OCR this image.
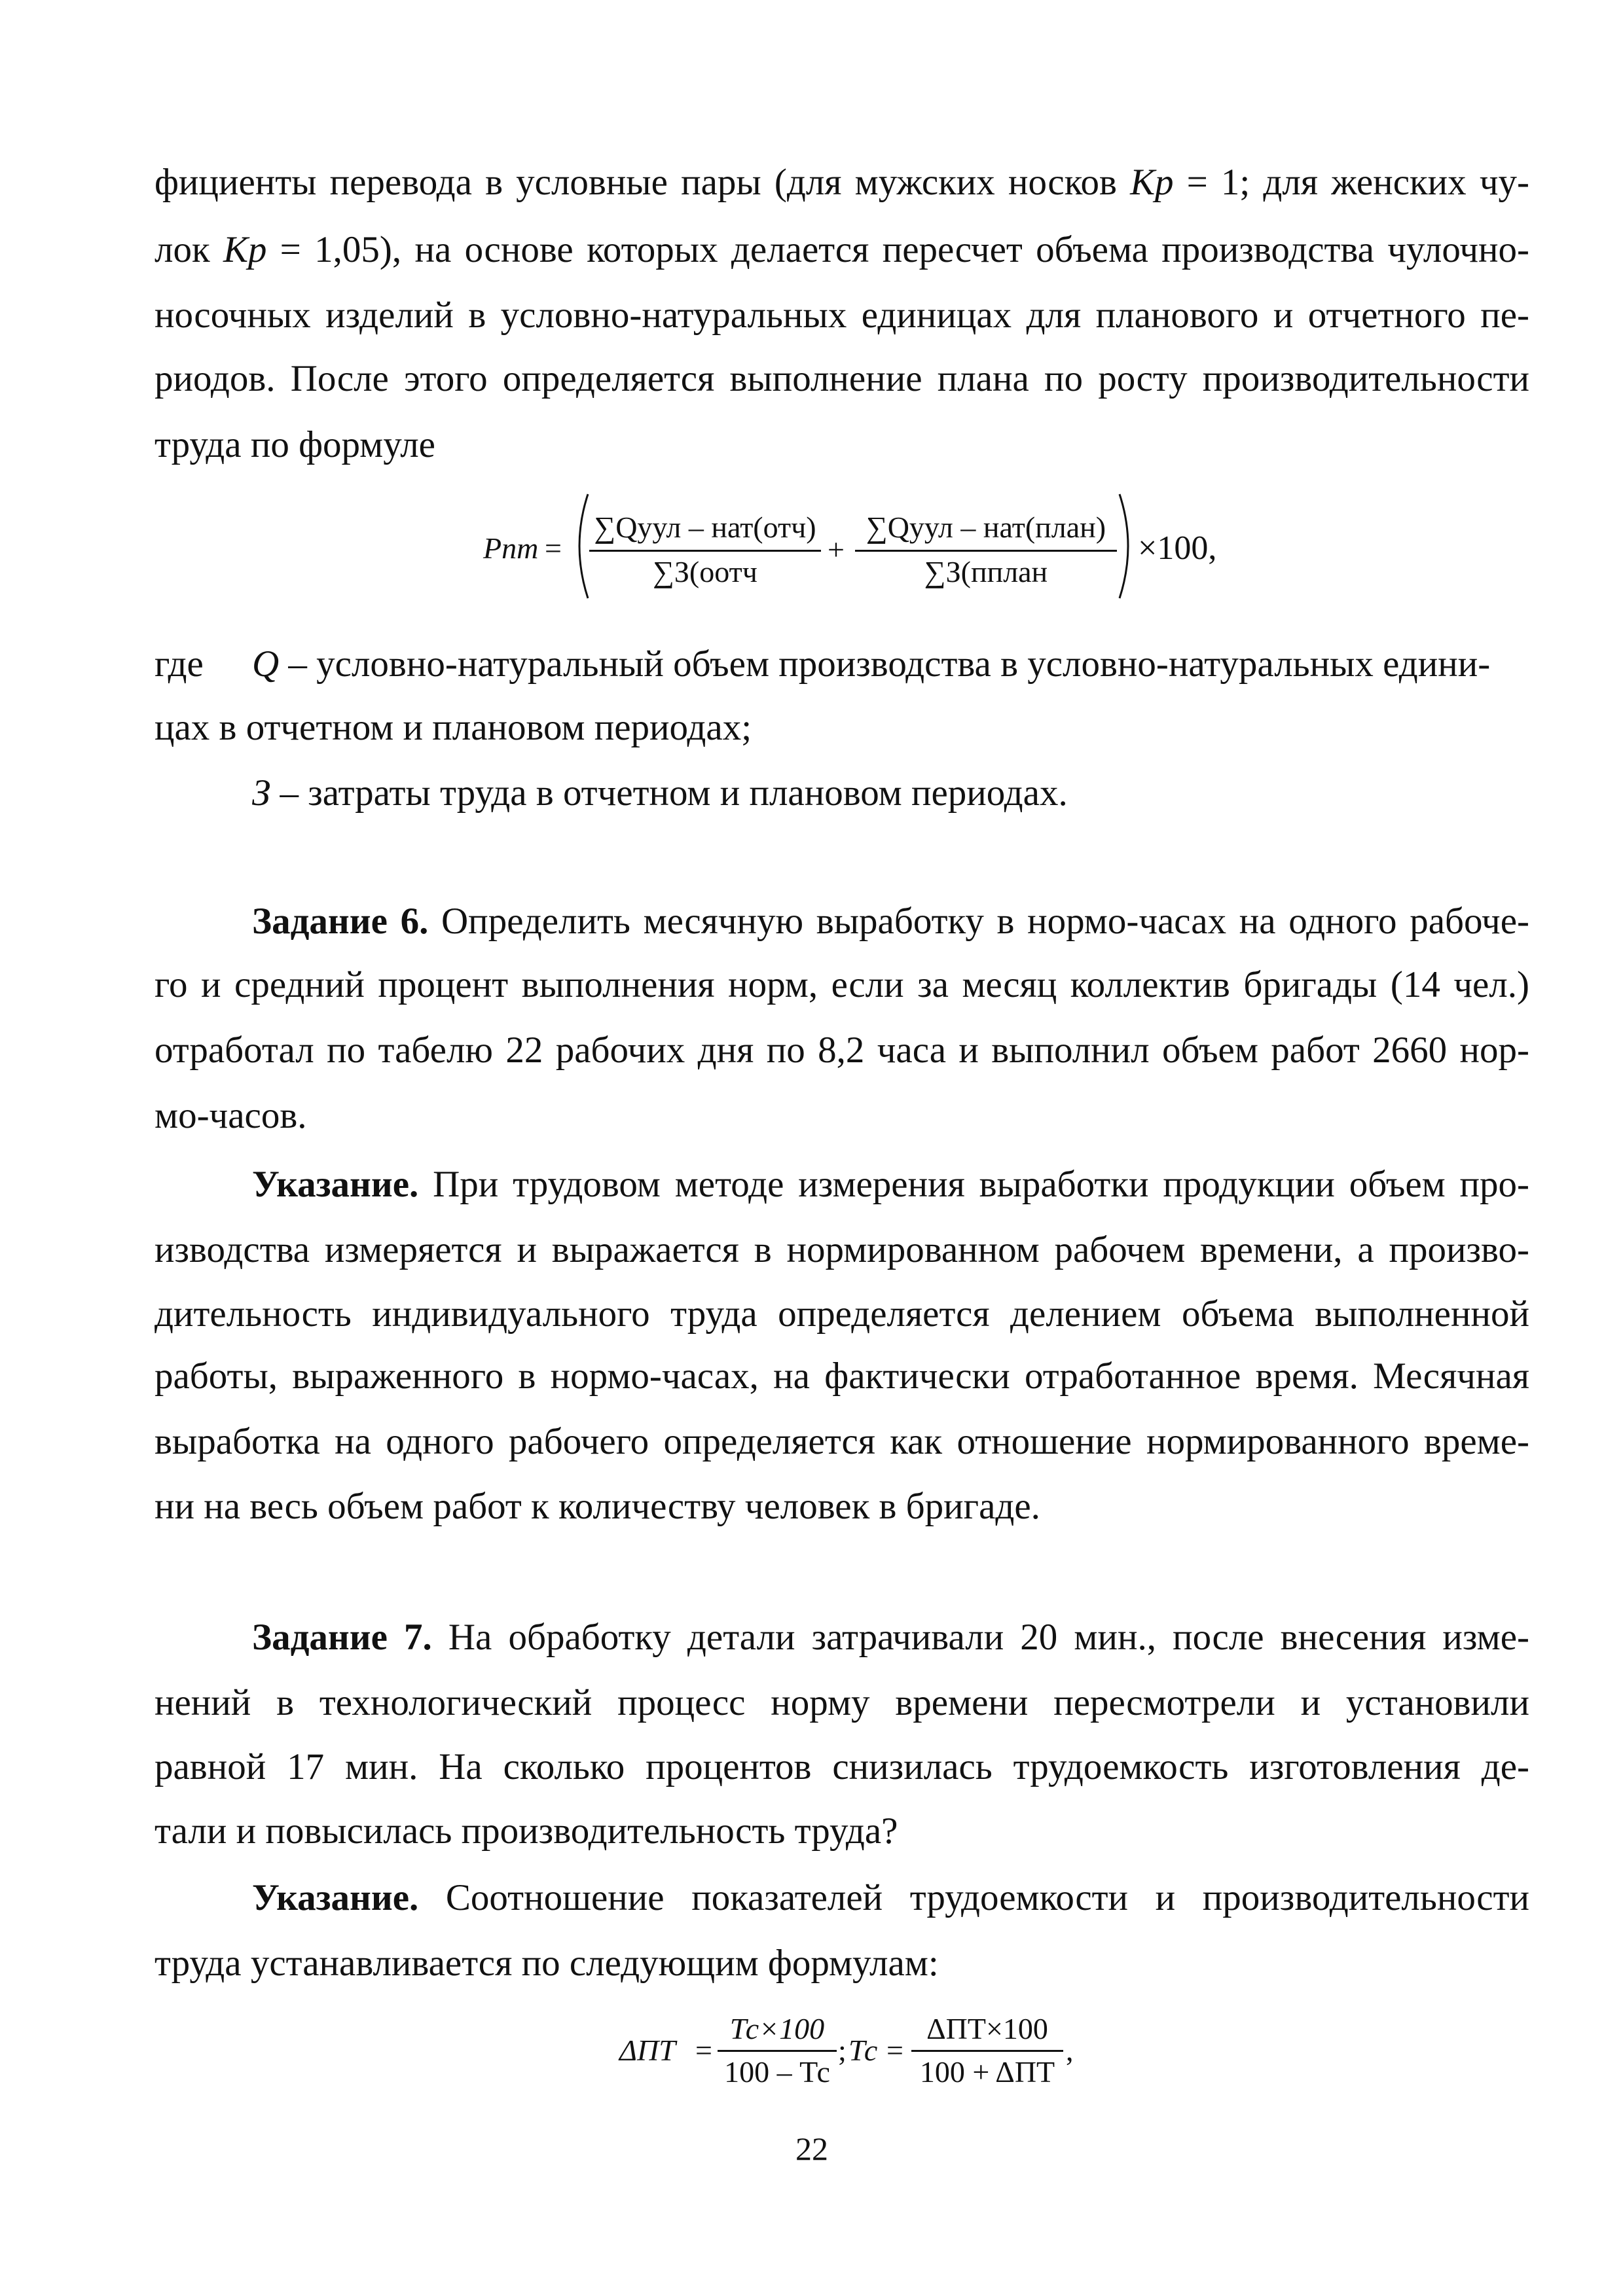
фициенты перевода в условные пары (для мужских носков Кр = 1; для женских чу-
лок Кр = 1,05), на основе которых делается пересчет объема производства чулочно-
носочных изделий в условно-натуральных единицах для планового и отчетного пе-
риодов. После этого определяется выполнение плана по росту производительности
труда по формуле
Рпт =
∑Qуул – нат(отч)
∑З(оотч
+
∑Qуул – нат(план)
∑З(пплан
×100,
где Q – условно-натуральный объем производства в условно-натуральных едини-
цах в отчетном и плановом периодах;
З – затраты труда в отчетном и плановом периодах.
Задание 6. Определить месячную выработку в нормо-часах на одного рабоче-
го и средний процент выполнения норм, если за месяц коллектив бригады (14 чел.)
отработал по табелю 22 рабочих дня по 8,2 часа и выполнил объем работ 2660 нор-
мо-часов.
Указание. При трудовом методе измерения выработки продукции объем про-
изводства измеряется и выражается в нормированном рабочем времени, а произво-
дительность индивидуального труда определяется делением объема выполненной
работы, выраженного в нормо-часах, на фактически отработанное время. Месячная
выработка на одного рабочего определяется как отношение нормированного време-
ни на весь объем работ к количеству человек в бригаде.
Задание 7. На обработку детали затрачивали 20 мин., после внесения изме-
нений в технологический процесс норму времени пересмотрели и установили
равной 17 мин. На сколько процентов снизилась трудоемкость изготовления де-
тали и повысилась производительность труда?
Указание. Соотношение показателей трудоемкости и производительности
труда устанавливается по следующим формулам:
ΔПТ =
Тс×100
100 – Тс
; Тс =
ΔПТ×100
100 + ΔПТ
,
22
